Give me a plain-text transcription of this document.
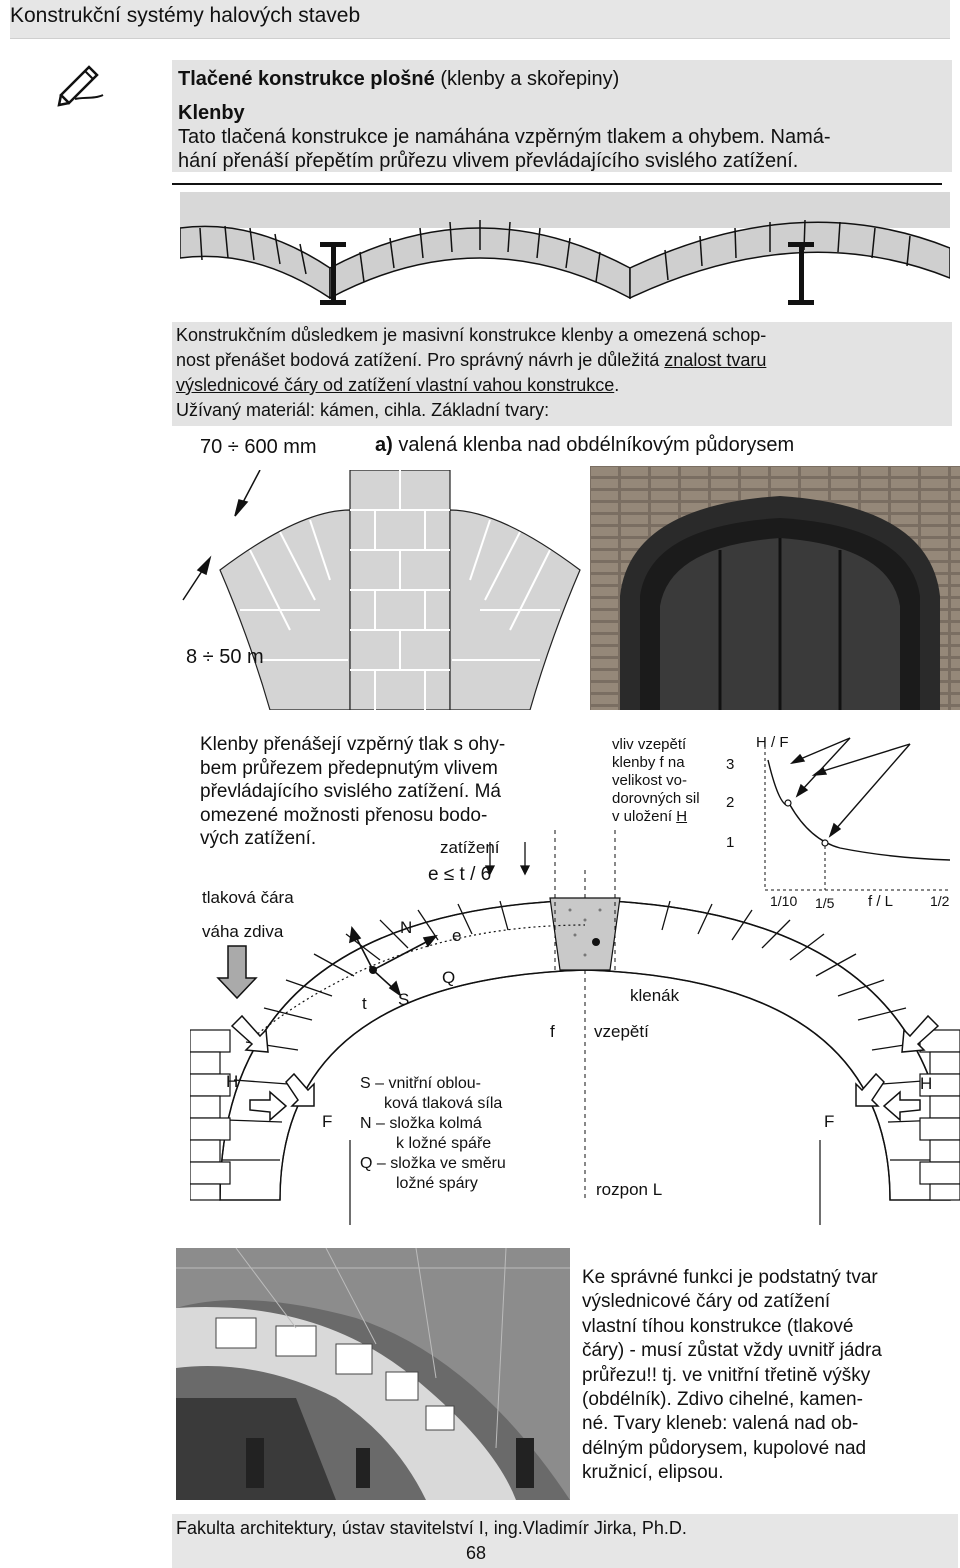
Konstrukční systémy halových staveb
Tlačené konstrukce plošné (klenby a skořepiny)
Klenby
Tato tlačená konstrukce je namáhána vzpěrným tlakem a ohybem. Namá-
hání přenáší přepětím průřezu vlivem převládajícího svislého zatížení.
Konstrukčním důsledkem je masivní konstrukce klenby a omezená schop-
nost přenášet bodová zatížení. Pro správný návrh je důležitá znalost tvaru
výslednicové čáry od zatížení vlastní vahou konstrukce.
Užívaný materiál: kámen, cihla. Základní tvary:
70 ÷ 600 mm	a) valená klenba nad obdélníkovým půdorysem
8 ÷ 50 m
Klenby přenášejí vzpěrný tlak s ohy-
bem průřezem předepnutým vlivem
převládajícího svislého zatížení. Má
omezené možnosti přenosu bodo-
vých zatížení.
vliv vzepětí
klenby f na
velikost vo-
dorovných sil
v uložení H
H / F
3
2
1
1/10 1/5 f / L	1/2
zatížení
e ≤ t / 6
tlaková čára
váha zdiva	N e
Q
t S
f
klenák
vzepětí
H
F
H
F
rozpon L
S – vnitřní oblou-
ková tlaková síla
N – složka kolmá
k ložné spáře
Q – složka ve směru
ložné spáry
Ke správné funkci je podstatný tvar
výslednicové čáry od zatížení
vlastní tíhou konstrukce (tlakové
čáry) - musí zůstat vždy uvnitř jádra
průřezu!! tj. ve vnitřní třetině výšky
(obdélník). Zdivo cihelné, kamen-
né. Tvary kleneb: valená nad ob-
délným půdorysem, kupolové nad
kružnicí, elipsou.
Fakulta architektury, ústav stavitelství I, ing.Vladimír Jirka, Ph.D.
68
